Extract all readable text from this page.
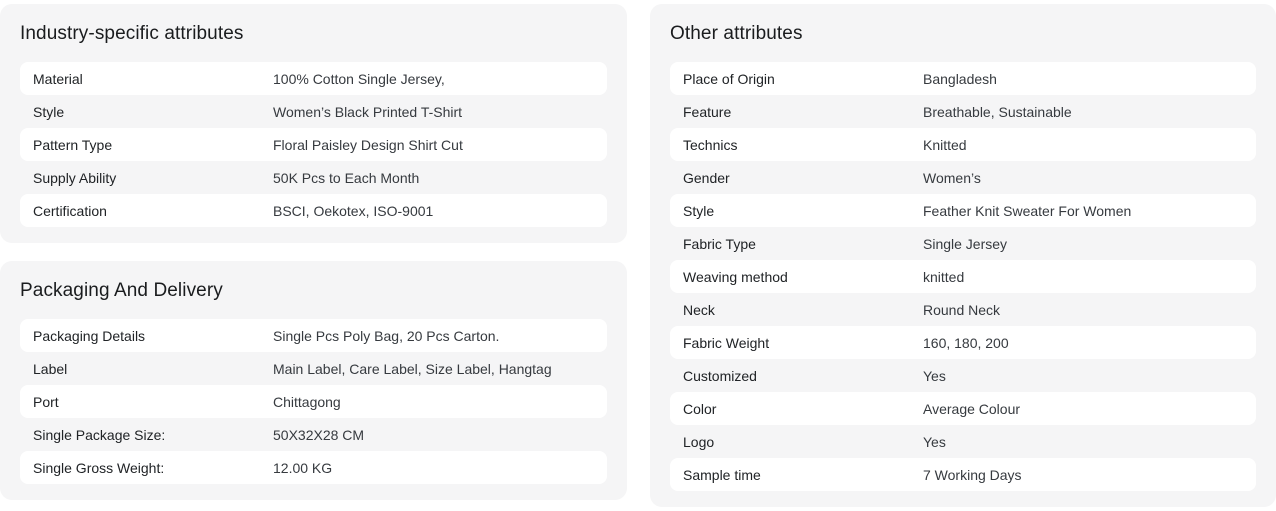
Industry-specific attributes
Material	100% Cotton Single Jersey,
Style	Women’s Black Printed T-Shirt
Pattern Type	Floral Paisley Design Shirt Cut
Supply Ability	50K Pcs to Each Month
Certification	BSCI, Oekotex, ISO-9001
Packaging And Delivery
Packaging Details	Single Pcs Poly Bag, 20 Pcs Carton.
Label	Main Label, Care Label, Size Label, Hangtag
Port	Chittagong
Single Package Size:	50X32X28 CM
Single Gross Weight:	12.00 KG
Other attributes
Place of Origin	Bangladesh
Feature	Breathable, Sustainable
Technics	Knitted
Gender	Women’s
Style	Feather Knit Sweater For Women
Fabric Type	Single Jersey
Weaving method	knitted
Neck	Round Neck
Fabric Weight	160, 180, 200
Customized	Yes
Color	Average Colour
Logo	Yes
Sample time	7 Working Days
